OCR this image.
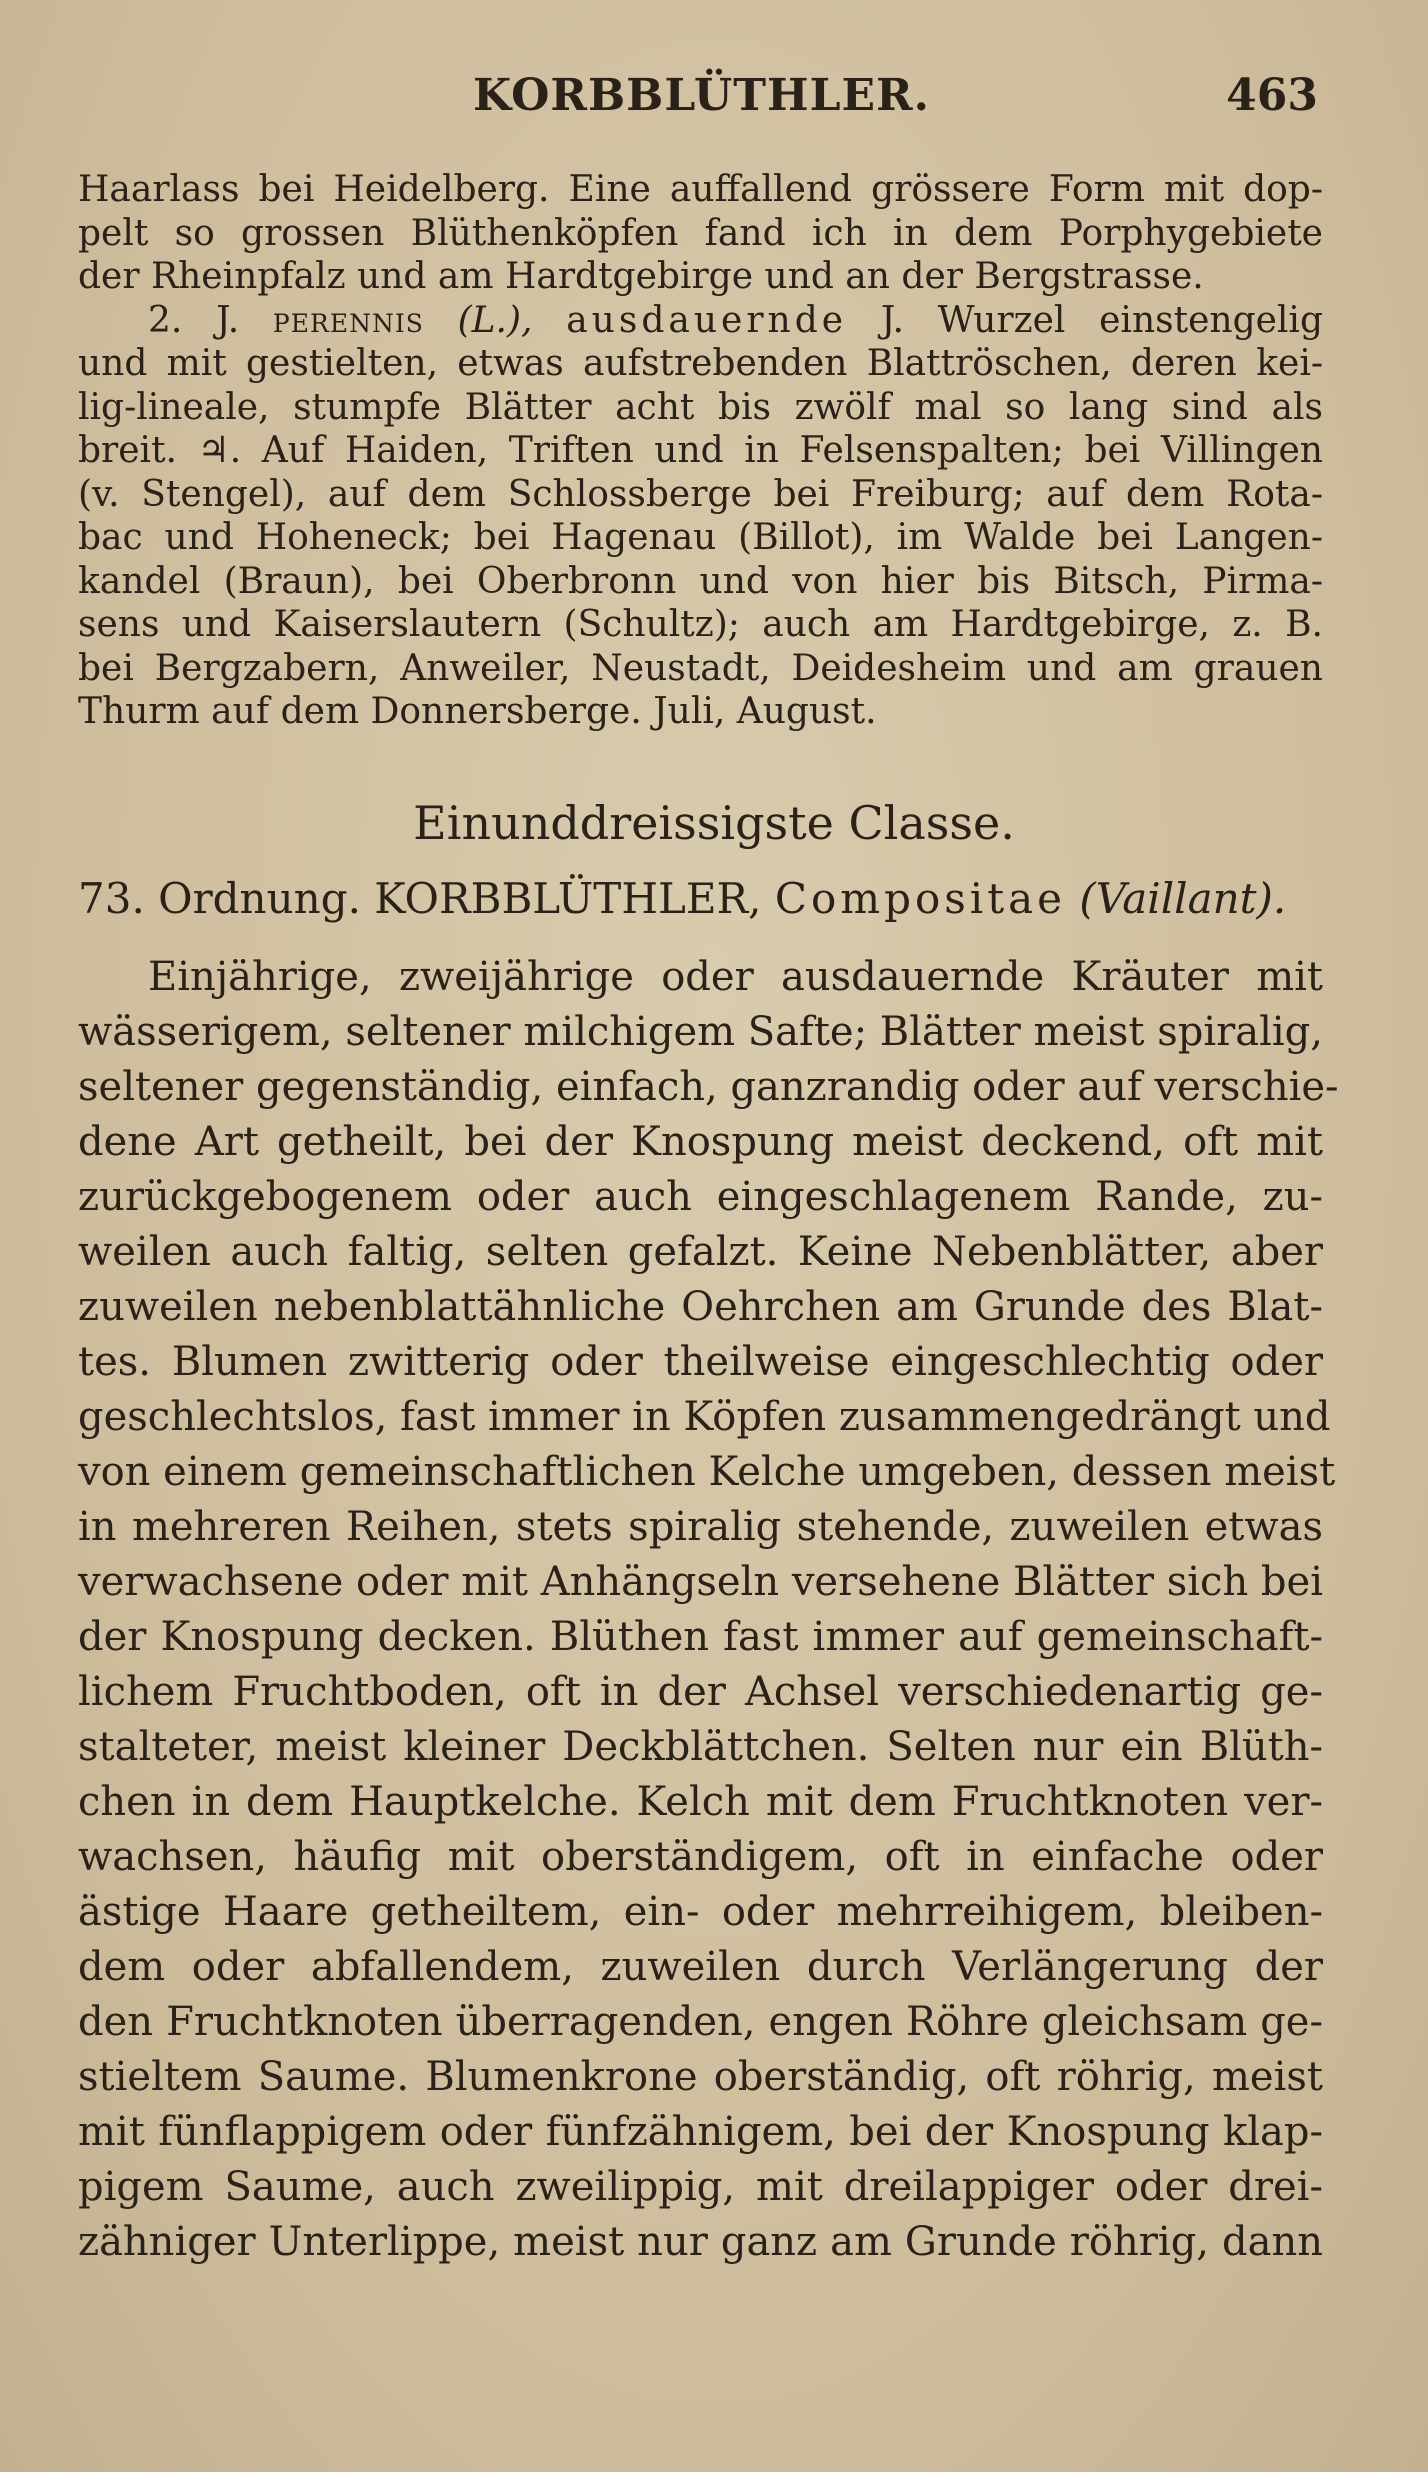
KORBBLÜTHLER.	463
Haarlass bei Heidelberg. Eine auffallend grössere Form mit dop-
pelt so grossen Blüthenköpfen fand ich in dem Porphygebiete
der Rheinpfalz und am Hardtgebirge und an der Bergstrasse.
2. J. perennis (L.), ausdauernde J. Wurzel einstengelig
und mit gestielten, etwas aufstrebenden Blattröschen, deren kei-
lig-lineale, stumpfe Blätter acht bis zwölf mal so lang sind als
breit. ♃. Auf Haiden, Triften und in Felsenspalten; bei Villingen
(v. Stengel), auf dem Schlossberge bei Freiburg; auf dem Rota-
bac und Hoheneck; bei Hagenau (Billot), im Walde bei Langen-
kandel (Braun), bei Oberbronn und von hier bis Bitsch, Pirma-
sens und Kaiserslautern (Schultz); auch am Hardtgebirge, z. B.
bei Bergzabern, Anweiler, Neustadt, Deidesheim und am grauen
Thurm auf dem Donnersberge. Juli, August.
Einunddreissigste Classe.
73. Ordnung. KORBBLÜTHLER, Compositae (Vaillant).
Einjährige, zweijährige oder ausdauernde Kräuter mit
wässerigem, seltener milchigem Safte; Blätter meist spiralig,
seltener gegenständig, einfach, ganzrandig oder auf verschie-
dene Art getheilt, bei der Knospung meist deckend, oft mit
zurückgebogenem oder auch eingeschlagenem Rande, zu-
weilen auch faltig, selten gefalzt. Keine Nebenblätter, aber
zuweilen nebenblattähnliche Oehrchen am Grunde des Blat-
tes. Blumen zwitterig oder theilweise eingeschlechtig oder
geschlechtslos, fast immer in Köpfen zusammengedrängt und
von einem gemeinschaftlichen Kelche umgeben, dessen meist
in mehreren Reihen, stets spiralig stehende, zuweilen etwas
verwachsene oder mit Anhängseln versehene Blätter sich bei
der Knospung decken. Blüthen fast immer auf gemeinschaft-
lichem Fruchtboden, oft in der Achsel verschiedenartig ge-
stalteter, meist kleiner Deckblättchen. Selten nur ein Blüth-
chen in dem Hauptkelche. Kelch mit dem Fruchtknoten ver-
wachsen, häufig mit oberständigem, oft in einfache oder
ästige Haare getheiltem, ein- oder mehrreihigem, bleiben-
dem oder abfallendem, zuweilen durch Verlängerung der
den Fruchtknoten überragenden, engen Röhre gleichsam ge-
stieltem Saume. Blumenkrone oberständig, oft röhrig, meist
mit fünflappigem oder fünfzähnigem, bei der Knospung klap-
pigem Saume, auch zweilippig, mit dreilappiger oder drei-
zähniger Unterlippe, meist nur ganz am Grunde röhrig, dann
